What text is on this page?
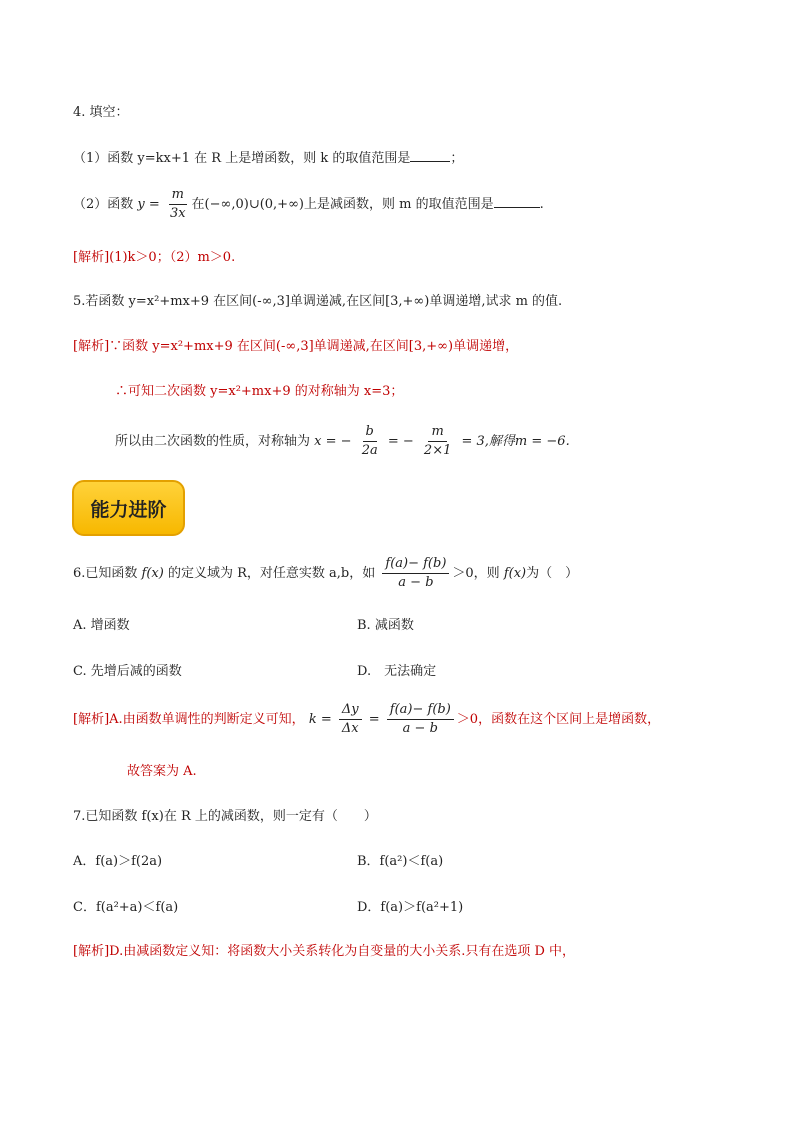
4. 填空：
（1）函数 y=kx+1 在 R 上是增函数，则 k 的取值范围是	；
（2）函数 $y = \frac{m}{3x}$ 在(−∞,0)∪(0,+∞)上是减函数，则 m 的取值范围是	.
[解析](1)k＞0；（2）m＞0.
5.若函数 y=x²+mx+9 在区间(-∞,3]单调递减,在区间[3,+∞)单调递增,试求 m 的值.
[解析]∵函数 y=x²+mx+9 在区间(-∞,3]单调递减,在区间[3,+∞)单调递增，
∴可知二次函数 y=x²+mx+9 的对称轴为 x=3；
所以由二次函数的性质，对称轴为 x = − $\frac{b}{2a}$ = − $\frac{m}{2\times 1} = 3$,解得m = −6.
能力进阶
6.已知函数 f(x) 的定义域为 R，对任意实数 a,b，如 $\frac{f(a)- f(b)}{a - b} >0$，则 f(x)为（　）
A. 增函数	B. 减函数
C. 先增后减的函数	D.　无法确定
[解析]A.由函数单调性的判断定义可知， $k = \frac{\Delta y}{\Delta x} = \frac{f(a)- f(b)}{a - b} >0$，函数在这个区间上是增函数，
故答案为 A.
7.已知函数 f(x)在 R 上的减函数，则一定有（　　）
A．f(a)＞f(2a)	B．f(a²)＜f(a)
C．f(a²+a)＜f(a)	D．f(a)＞f(a²+1)
[解析]D.由减函数定义知：将函数大小关系转化为自变量的大小关系.只有在选项 D 中，
